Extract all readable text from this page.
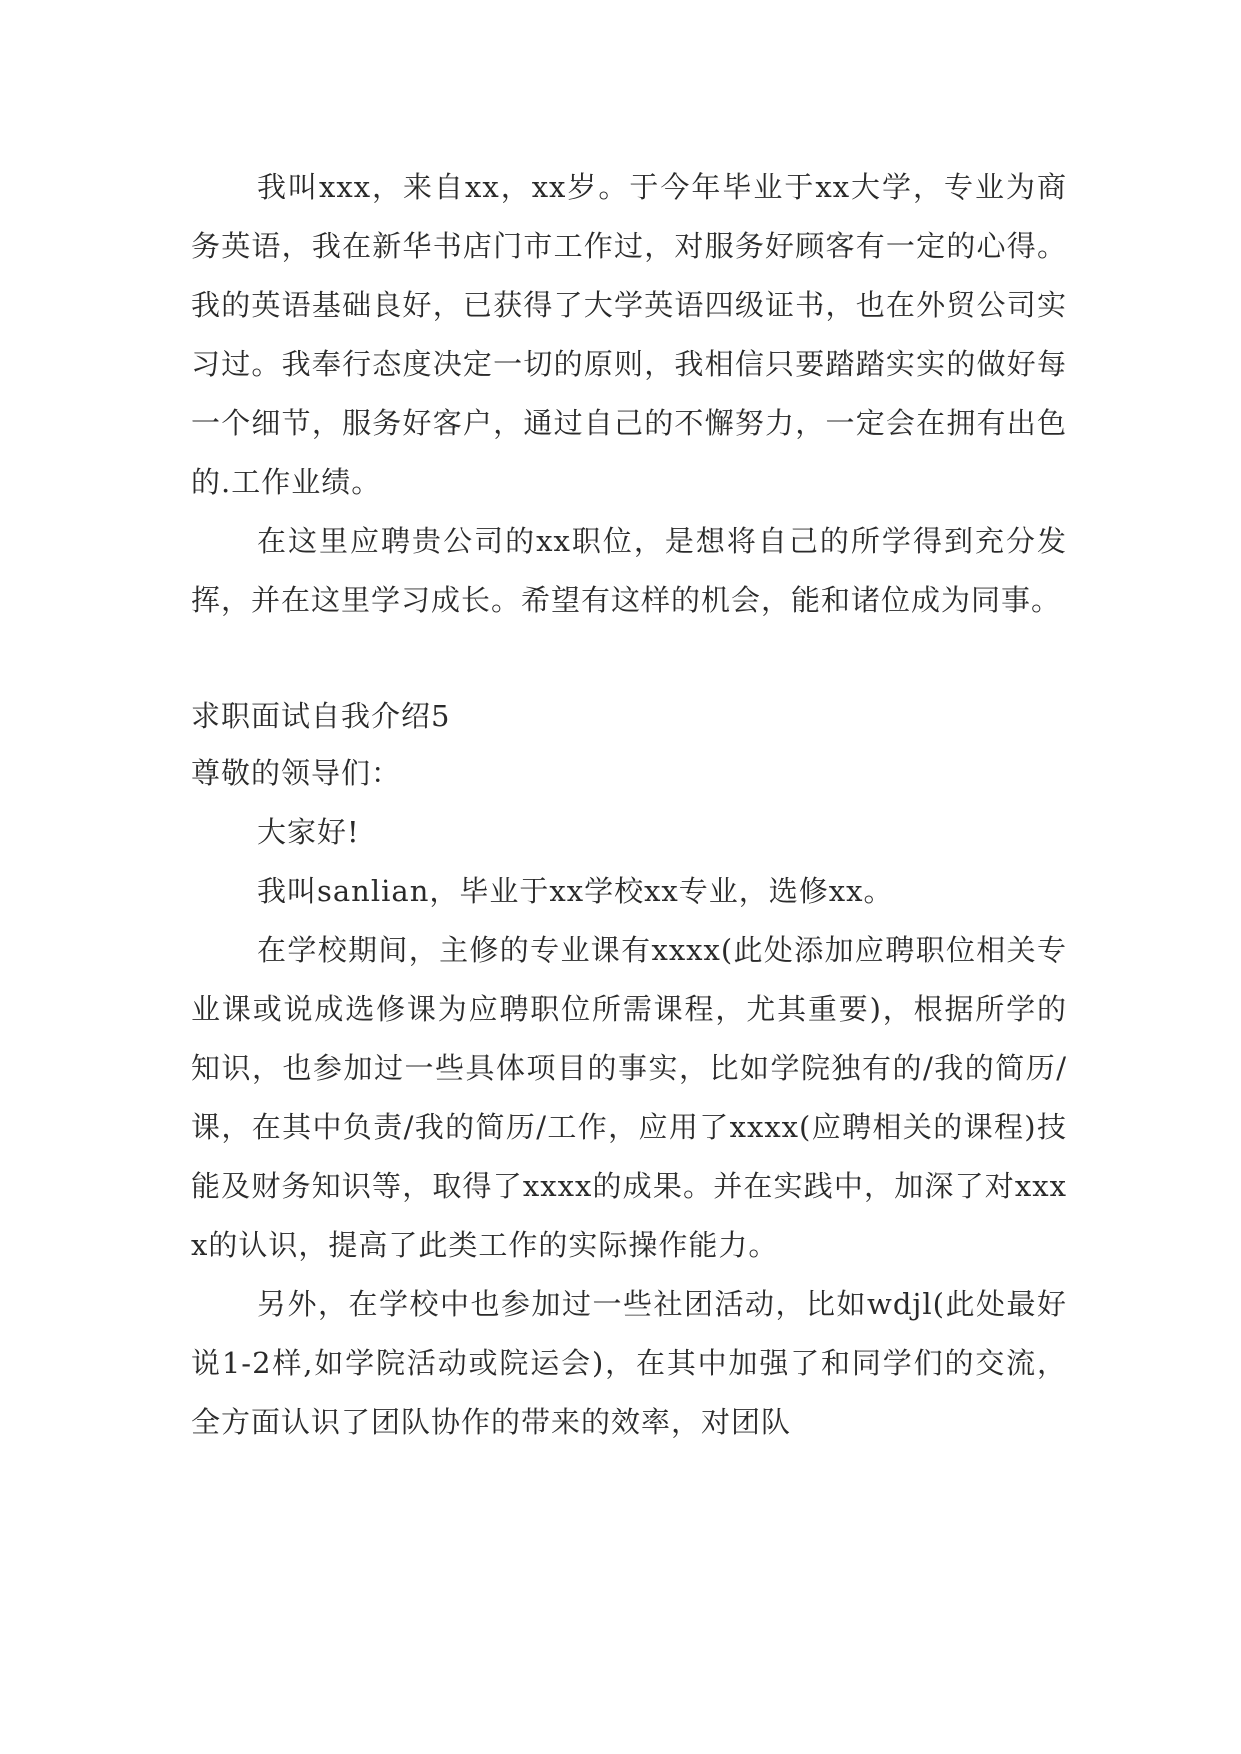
我叫xxx，来自xx，xx岁。于今年毕业于xx大学，专业为商务英语，我在新华书店门市工作过，对服务好顾客有一定的心得。我的英语基础良好，已获得了大学英语四级证书，也在外贸公司实习过。我奉行态度决定一切的原则，我相信只要踏踏实实的做好每一个细节，服务好客户，通过自己的不懈努力，一定会在拥有出色的.工作业绩。

在这里应聘贵公司的xx职位，是想将自己的所学得到充分发挥，并在这里学习成长。希望有这样的机会，能和诸位成为同事。

求职面试自我介绍5

尊敬的领导们：

大家好!

我叫sanlian，毕业于xx学校xx专业，选修xx。

在学校期间，主修的专业课有xxxx(此处添加应聘职位相关专业课或说成选修课为应聘职位所需课程，尤其重要)，根据所学的知识，也参加过一些具体项目的事实，比如学院独有的/我的简历/课，在其中负责/我的简历/工作，应用了xxxx(应聘相关的课程)技能及财务知识等，取得了xxxx的成果。并在实践中，加深了对xxxx的认识，提高了此类工作的实际操作能力。

另外，在学校中也参加过一些社团活动，比如wdjl(此处最好说1-2样,如学院活动或院运会)，在其中加强了和同学们的交流，全方面认识了团队协作的带来的效率，对团队
